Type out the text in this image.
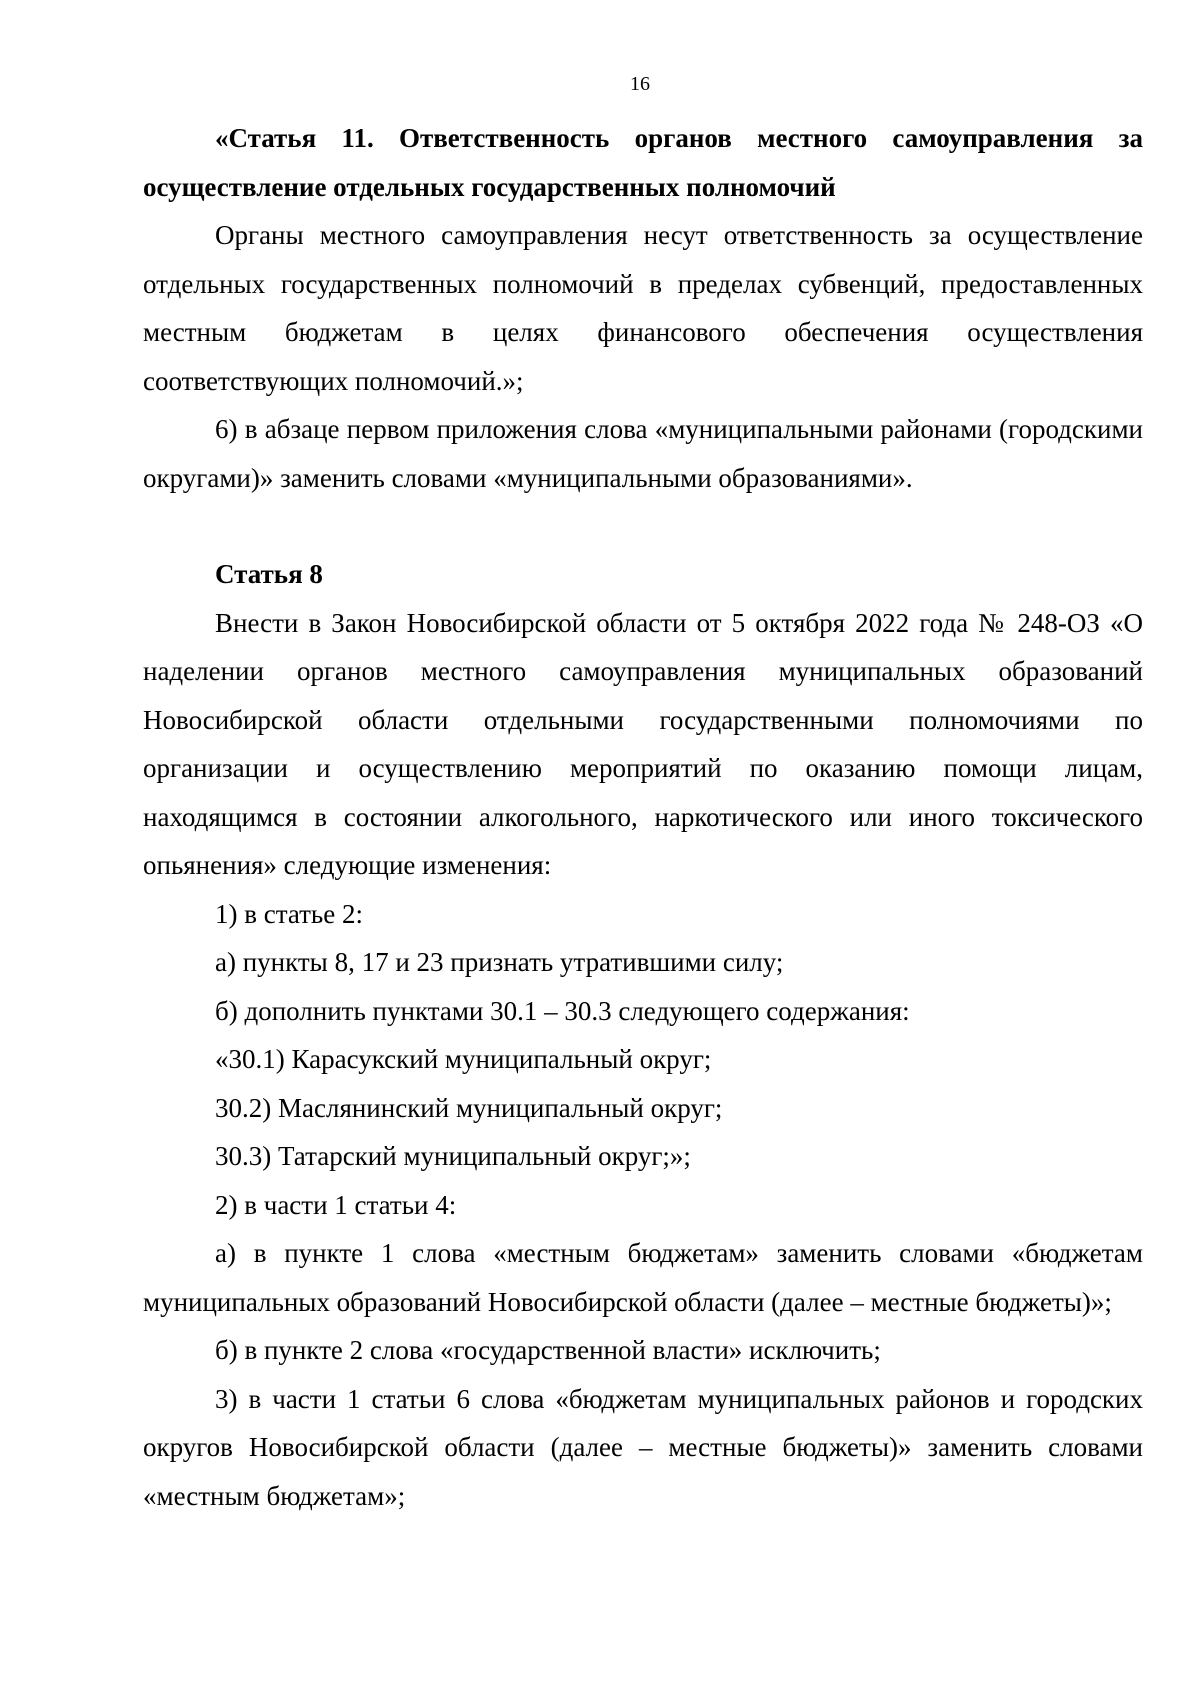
16

«Статья 11. Ответственность органов местного самоуправления за осуществление отдельных государственных полномочий

Органы местного самоуправления несут ответственность за осуществление отдельных государственных полномочий в пределах субвенций, предоставленных местным бюджетам в целях финансового обеспечения осуществления соответствующих полномочий.»;

6) в абзаце первом приложения слова «муниципальными районами (городскими округами)» заменить словами «муниципальными образованиями».

Статья 8

Внести в Закон Новосибирской области от 5 октября 2022 года № 248-ОЗ «О наделении органов местного самоуправления муниципальных образований Новосибирской области отдельными государственными полномочиями по организации и осуществлению мероприятий по оказанию помощи лицам, находящимся в состоянии алкогольного, наркотического или иного токсического опьянения» следующие изменения:

1) в статье 2:

а) пункты 8, 17 и 23 признать утратившими силу;

б) дополнить пунктами 30.1 – 30.3 следующего содержания:

«30.1) Карасукский муниципальный округ;

30.2) Маслянинский муниципальный округ;

30.3) Татарский муниципальный округ;»;

2) в части 1 статьи 4:

а) в пункте 1 слова «местным бюджетам» заменить словами «бюджетам муниципальных образований Новосибирской области (далее – местные бюджеты)»;

б) в пункте 2 слова «государственной власти» исключить;

3) в части 1 статьи 6 слова «бюджетам муниципальных районов и городских округов Новосибирской области (далее – местные бюджеты)» заменить словами «местным бюджетам»;
